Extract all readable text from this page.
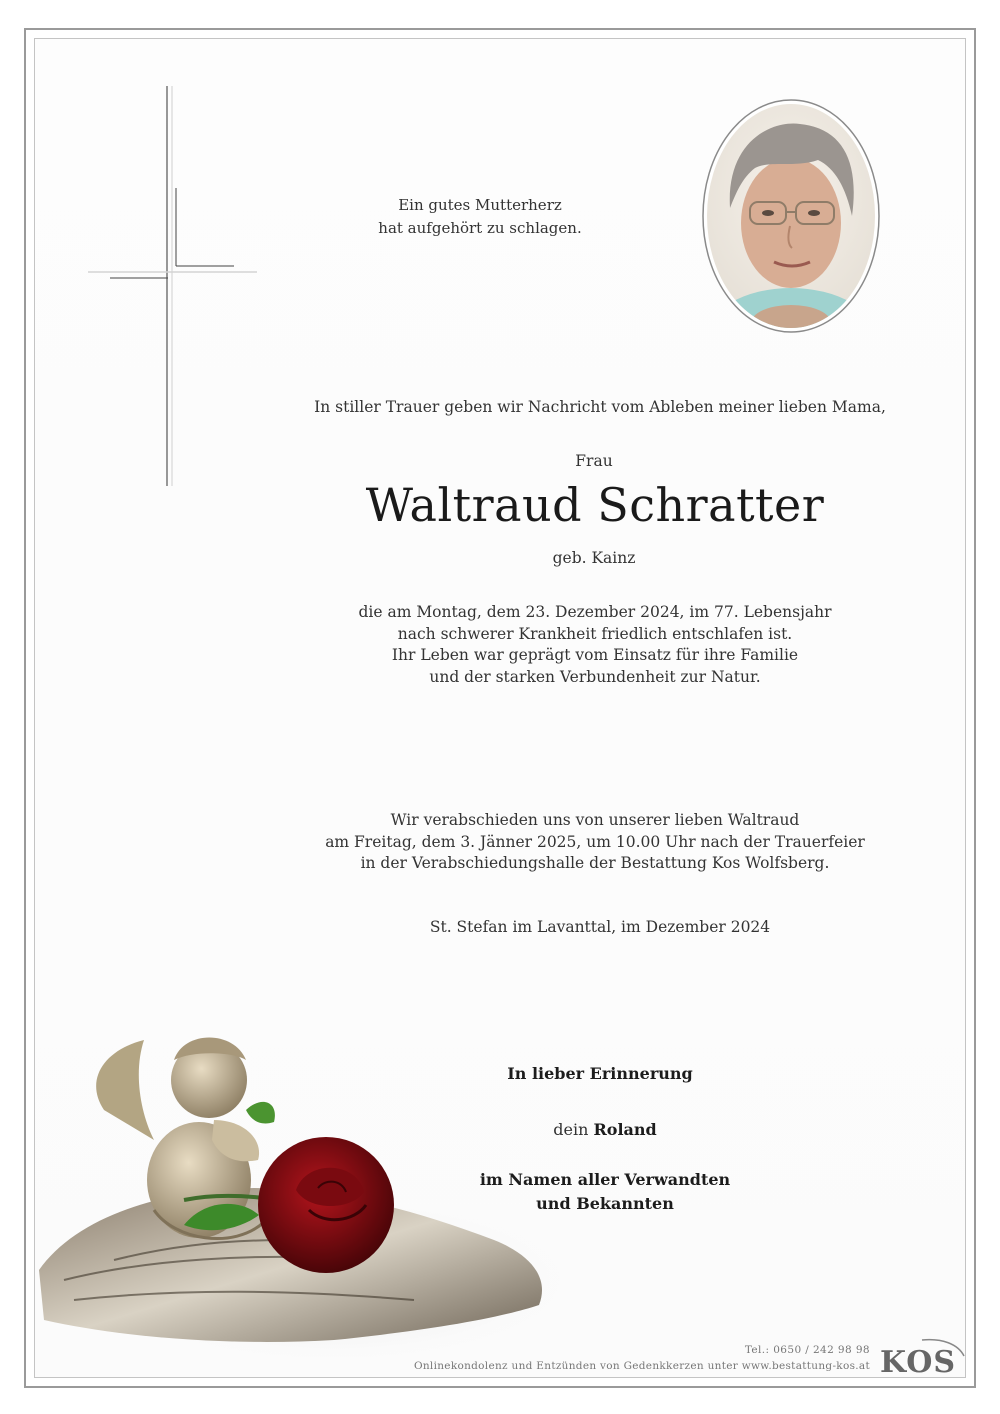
Ein gutes Mutterherz
hat aufgehört zu schlagen.
In stiller Trauer geben wir Nachricht vom Ableben meiner lieben Mama,
Frau
Waltraud Schratter
geb. Kainz
die am Montag, dem 23. Dezember 2024, im 77. Lebensjahr
nach schwerer Krankheit friedlich entschlafen ist.
Ihr Leben war geprägt vom Einsatz für ihre Familie
und der starken Verbundenheit zur Natur.
Wir verabschieden uns von unserer lieben Waltraud
am Freitag, dem 3. Jänner 2025, um 10.00 Uhr nach der Trauerfeier
in der Verabschiedungshalle der Bestattung Kos Wolfsberg.
St. Stefan im Lavanttal, im Dezember 2024
In lieber Erinnerung
dein Roland
im Namen aller Verwandten
und Bekannten
Tel.: 0650 / 242 98 98
Onlinekondolenz und Entzünden von Gedenkkerzen unter www.bestattung-kos.at KOS
